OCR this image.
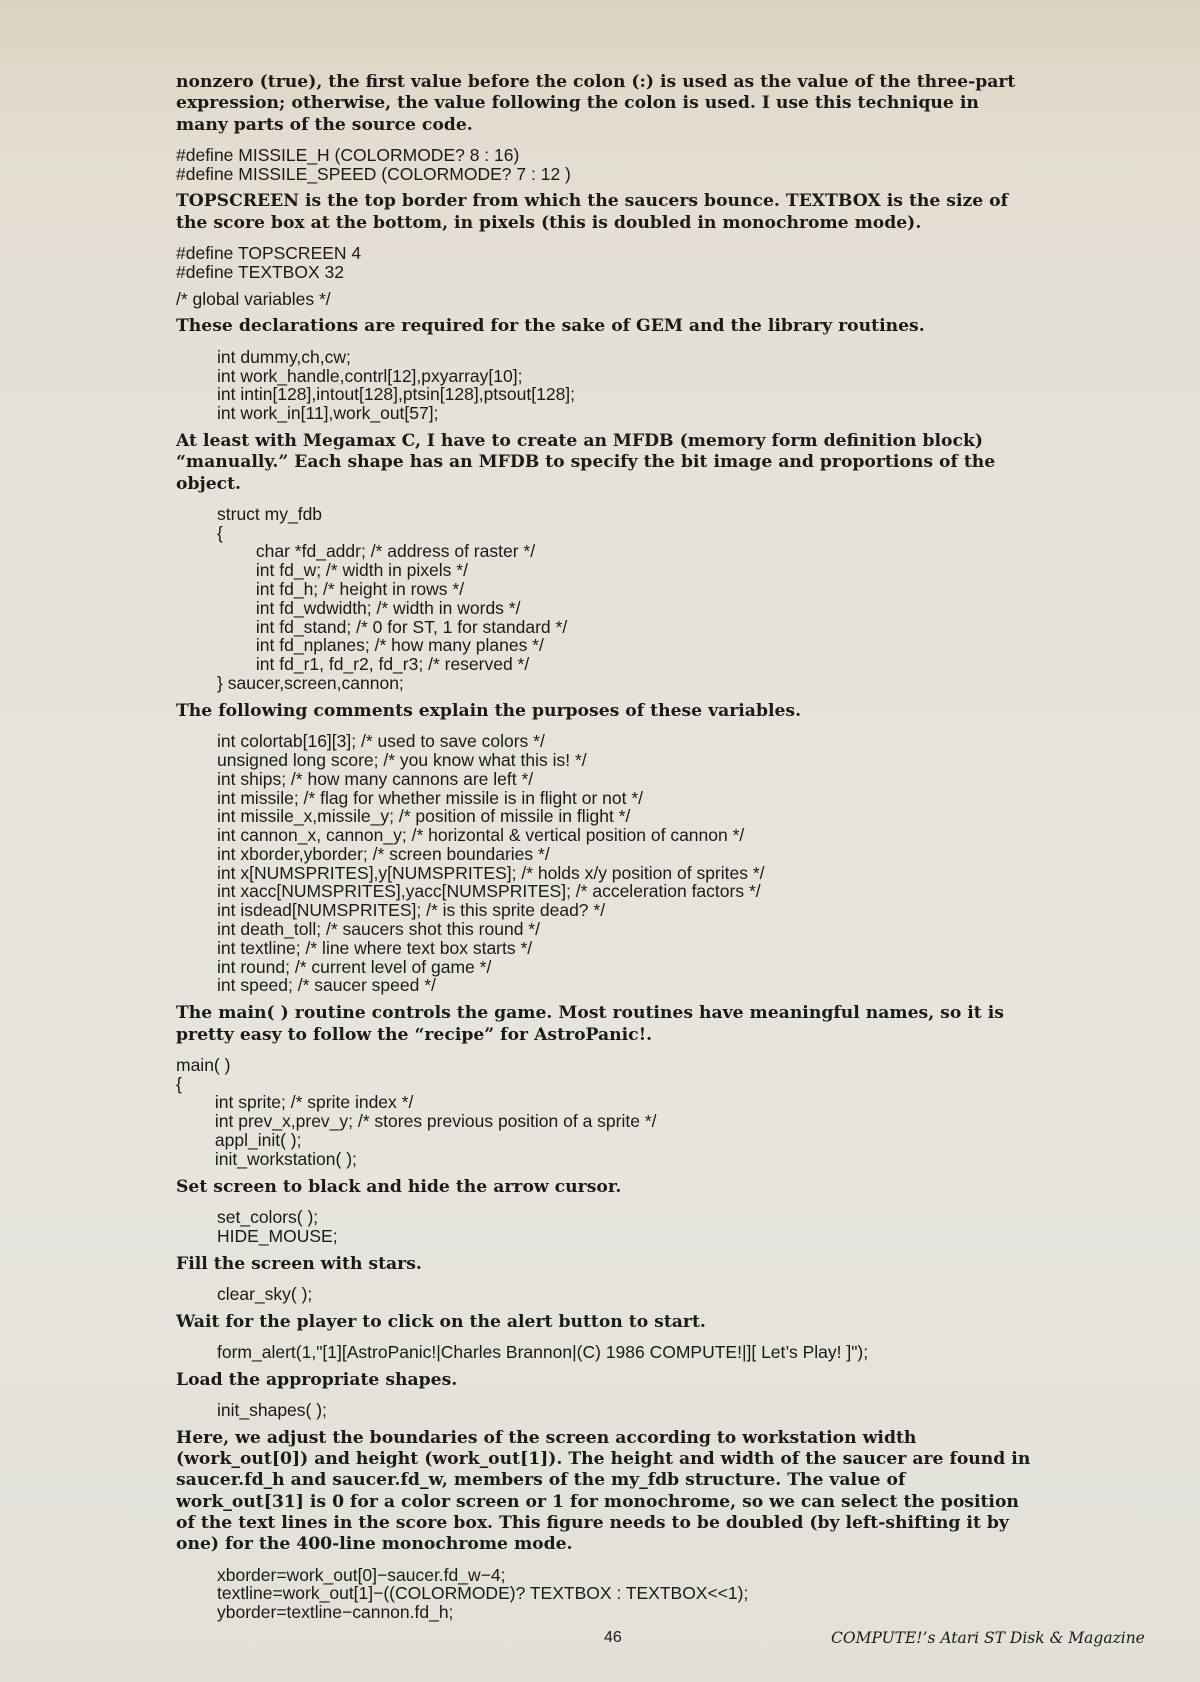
nonzero (true), the first value before the colon (:) is used as the value of the three-part expression; otherwise, the value following the colon is used. I use this technique in many parts of the source code.
#define MISSILE_H (COLORMODE? 8 : 16)
#define MISSILE_SPEED (COLORMODE? 7 : 12 )
TOPSCREEN is the top border from which the saucers bounce. TEXTBOX is the size of the score box at the bottom, in pixels (this is doubled in monochrome mode).
#define TOPSCREEN 4
#define TEXTBOX 32
/* global variables */
These declarations are required for the sake of GEM and the library routines.
int dummy,ch,cw;
int work_handle,contrl[12],pxyarray[10];
int intin[128],intout[128],ptsin[128],ptsout[128];
int work_in[11],work_out[57];
At least with Megamax C, I have to create an MFDB (memory form definition block) “manually.” Each shape has an MFDB to specify the bit image and proportions of the object.
struct my_fdb
{
char *fd_addr; /* address of raster */
int fd_w; /* width in pixels */
int fd_h; /* height in rows */
int fd_wdwidth; /* width in words */
int fd_stand; /* 0 for ST, 1 for standard */
int fd_nplanes; /* how many planes */
int fd_r1, fd_r2, fd_r3; /* reserved */
} saucer,screen,cannon;
The following comments explain the purposes of these variables.
int colortab[16][3]; /* used to save colors */
unsigned long score; /* you know what this is! */
int ships; /* how many cannons are left */
int missile; /* flag for whether missile is in flight or not */
int missile_x,missile_y; /* position of missile in flight */
int cannon_x, cannon_y; /* horizontal & vertical position of cannon */
int xborder,yborder; /* screen boundaries */
int x[NUMSPRITES],y[NUMSPRITES]; /* holds x/y position of sprites */
int xacc[NUMSPRITES],yacc[NUMSPRITES]; /* acceleration factors */
int isdead[NUMSPRITES]; /* is this sprite dead? */
int death_toll; /* saucers shot this round */
int textline; /* line where text box starts */
int round; /* current level of game */
int speed; /* saucer speed */
The main( ) routine controls the game. Most routines have meaningful names, so it is pretty easy to follow the “recipe” for AstroPanic!.
main( )
{
int sprite; /* sprite index */
int prev_x,prev_y; /* stores previous position of a sprite */
appl_init( );
init_workstation( );
Set screen to black and hide the arrow cursor.
set_colors( );
HIDE_MOUSE;
Fill the screen with stars.
clear_sky( );
Wait for the player to click on the alert button to start.
form_alert(1,"[1][AstroPanic!|Charles Brannon|(C) 1986 COMPUTE!|][ Let’s Play! ]");
Load the appropriate shapes.
init_shapes( );
Here, we adjust the boundaries of the screen according to workstation width (work_out[0]) and height (work_out[1]). The height and width of the saucer are found in saucer.fd_h and saucer.fd_w, members of the my_fdb structure. The value of work_out[31] is 0 for a color screen or 1 for monochrome, so we can select the position of the text lines in the score box. This figure needs to be doubled (by left-shifting it by one) for the 400-line monochrome mode.
xborder=work_out[0]−saucer.fd_w−4;
textline=work_out[1]−((COLORMODE)? TEXTBOX : TEXTBOX<<1);
yborder=textline−cannon.fd_h;
46	COMPUTE!’s Atari ST Disk & Magazine
